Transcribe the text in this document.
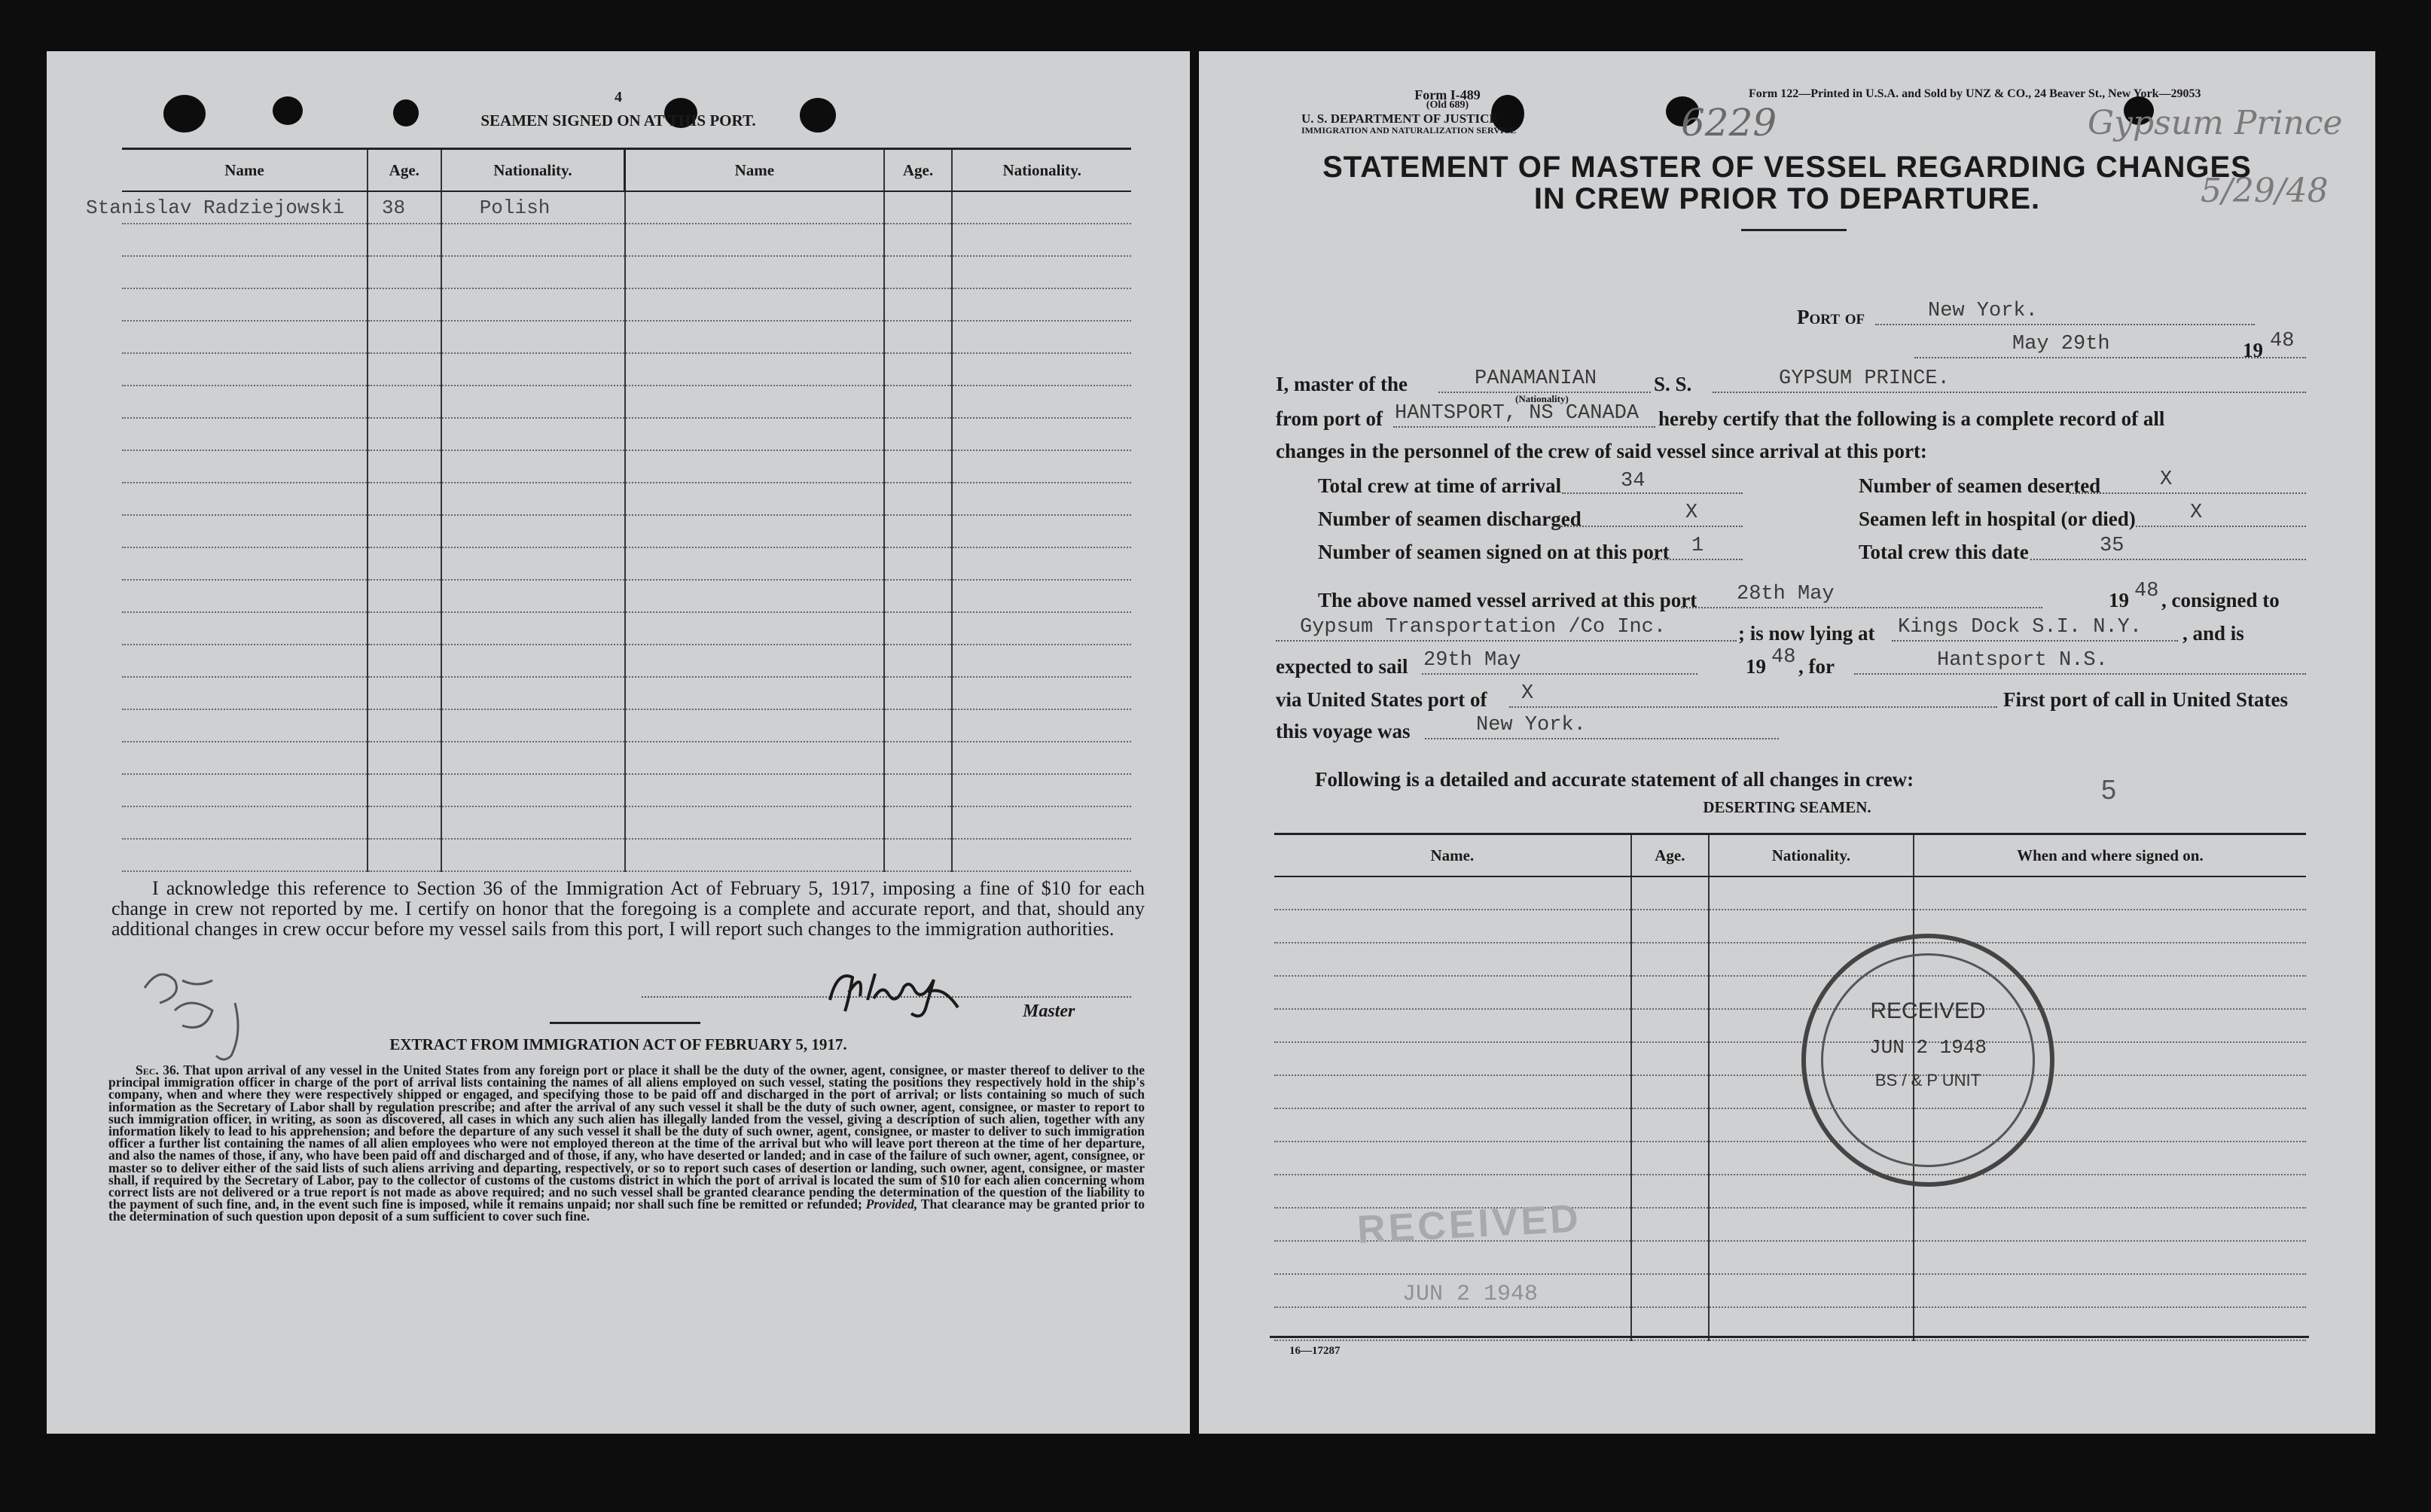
4
SEAMEN SIGNED ON AT THIS PORT.
Name	Age.	Nationality.	Name	Age.	Nationality.

Stanislav Radziejowski	38	Polish			

I acknowledge this reference to Section 36 of the Immigration Act of February 5, 1917, imposing a fine of $10 for each change in crew not reported by me. I certify on honor that the foregoing is a complete and accurate report, and that, should any additional changes in crew occur before my vessel sails from this port, I will report such changes to the immigration authorities.
Master
EXTRACT FROM IMMIGRATION ACT OF FEBRUARY 5, 1917.
Sec. 36. That upon arrival of any vessel in the United States from any foreign port or place it shall be the duty of the owner, agent, consignee, or master thereof to deliver to the principal immigration officer in charge of the port of arrival lists containing the names of all aliens employed on such vessel, stating the positions they respectively hold in the ship's company, when and where they were respectively shipped or engaged, and specifying those to be paid off and discharged in the port of arrival; or lists containing so much of such information as the Secretary of Labor shall by regulation prescribe; and after the arrival of any such vessel it shall be the duty of such owner, agent, consignee, or master to report to such immigration officer, in writing, as soon as discovered, all cases in which any such alien has illegally landed from the vessel, giving a description of such alien, together with any information likely to lead to his apprehension; and before the departure of any such vessel it shall be the duty of such owner, agent, consignee, or master to deliver to such immigration officer a further list containing the names of all alien employees who were not employed thereon at the time of the arrival but who will leave port thereon at the time of her departure, and also the names of those, if any, who have been paid off and discharged and of those, if any, who have deserted or landed; and in case of the failure of such owner, agent, consignee, or master so to deliver either of the said lists of such aliens arriving and departing, respectively, or so to report such cases of desertion or landing, such owner, agent, consignee, or master shall, if required by the Secretary of Labor, pay to the collector of customs of the customs district in which the port of arrival is located the sum of $10 for each alien concerning whom correct lists are not delivered or a true report is not made as above required; and no such vessel shall be granted clearance pending the determination of the question of the liability to the payment of such fine, and, in the event such fine is imposed, while it remains unpaid; nor shall such fine be remitted or refunded; Provided, That clearance may be granted prior to the determination of such question upon deposit of a sum sufficient to cover such fine.
Form I-489
(Old 689)
U. S. DEPARTMENT OF JUSTICE
IMMIGRATION AND NATURALIZATION SERVICE
Form 122—Printed in U.S.A. and Sold by UNZ & CO., 24 Beaver St., New York—29053
6229	Gypsum Prince
5/29/48
STATEMENT OF MASTER OF VESSEL REGARDING CHANGES
IN CREW PRIOR TO DEPARTURE.
Port of	New York.
May 29th	19 48
I, master of the	PANAMANIAN
(Nationality)
S. S.	GYPSUM PRINCE.
from port of HANTSPORT, NS CANADA hereby certify that the following is a complete record of all
changes in the personnel of the crew of said vessel since arrival at this port:
Total crew at time of arrival	34	Number of seamen deserted	X
Number of seamen discharged	X	Seamen left in hospital (or died)	X
Number of seamen signed on at this port 1	Total crew this date	35
The above named vessel arrived at this port 28th May	19 48 , consigned to
Gypsum Transportation /Co Inc.	; is now lying at Kings Dock S.I. N.Y. , and is
expected to sail 29th May	19 48 , for	Hantsport N.S.
via United States port of X	First port of call in United States
this voyage was	New York.
Following is a detailed and accurate statement of all changes in crew:	5
DESERTING SEAMEN.
Name.	Age.	Nationality.	When and where signed on.

RECEIVED
JUN 2 1948
BS / & P UNIT
RECEIVED
JUN 2 1948
16—17287
